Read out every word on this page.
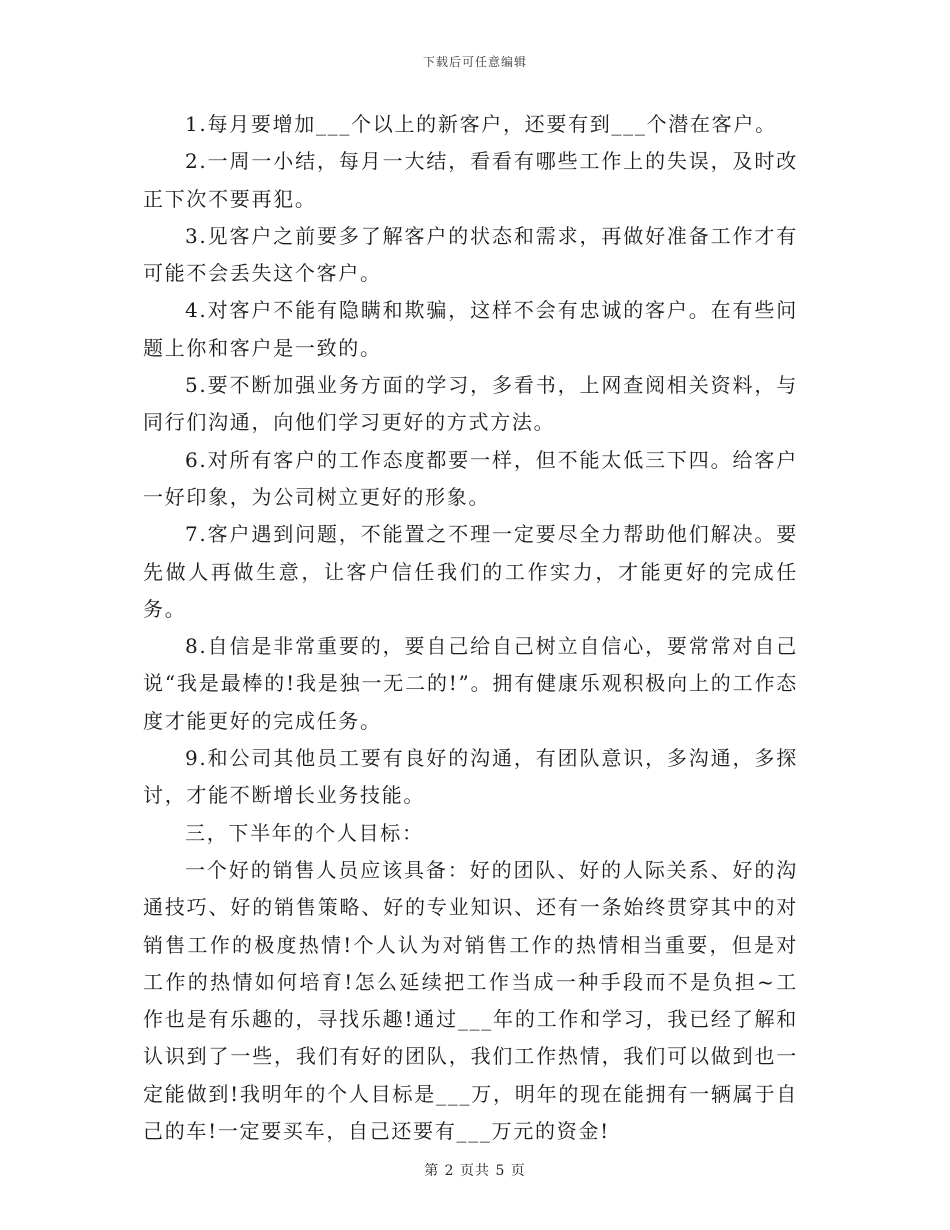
下载后可任意编辑

1.每月要增加___个以上的新客户，还要有到___个潜在客户。

2.一周一小结，每月一大结，看看有哪些工作上的失误，及时改正下次不要再犯。

3.见客户之前要多了解客户的状态和需求，再做好准备工作才有可能不会丢失这个客户。

4.对客户不能有隐瞒和欺骗，这样不会有忠诚的客户。在有些问题上你和客户是一致的。

5.要不断加强业务方面的学习，多看书，上网查阅相关资料，与同行们沟通，向他们学习更好的方式方法。

6.对所有客户的工作态度都要一样，但不能太低三下四。给客户一好印象，为公司树立更好的形象。

7.客户遇到问题，不能置之不理一定要尽全力帮助他们解决。要先做人再做生意，让客户信任我们的工作实力，才能更好的完成任务。

8.自信是非常重要的，要自己给自己树立自信心，要常常对自己说“我是最棒的!我是独一无二的!”。拥有健康乐观积极向上的工作态度才能更好的完成任务。

9.和公司其他员工要有良好的沟通，有团队意识，多沟通，多探讨，才能不断增长业务技能。

三，下半年的个人目标：

一个好的销售人员应该具备：好的团队、好的人际关系、好的沟通技巧、好的销售策略、好的专业知识、还有一条始终贯穿其中的对销售工作的极度热情!个人认为对销售工作的热情相当重要，但是对工作的热情如何培育!怎么延续把工作当成一种手段而不是负担~工作也是有乐趣的，寻找乐趣!通过___年的工作和学习，我已经了解和认识到了一些，我们有好的团队，我们工作热情，我们可以做到也一定能做到!我明年的个人目标是___万，明年的现在能拥有一辆属于自己的车!一定要买车，自己还要有___万元的资金!

第 2 页共 5 页
